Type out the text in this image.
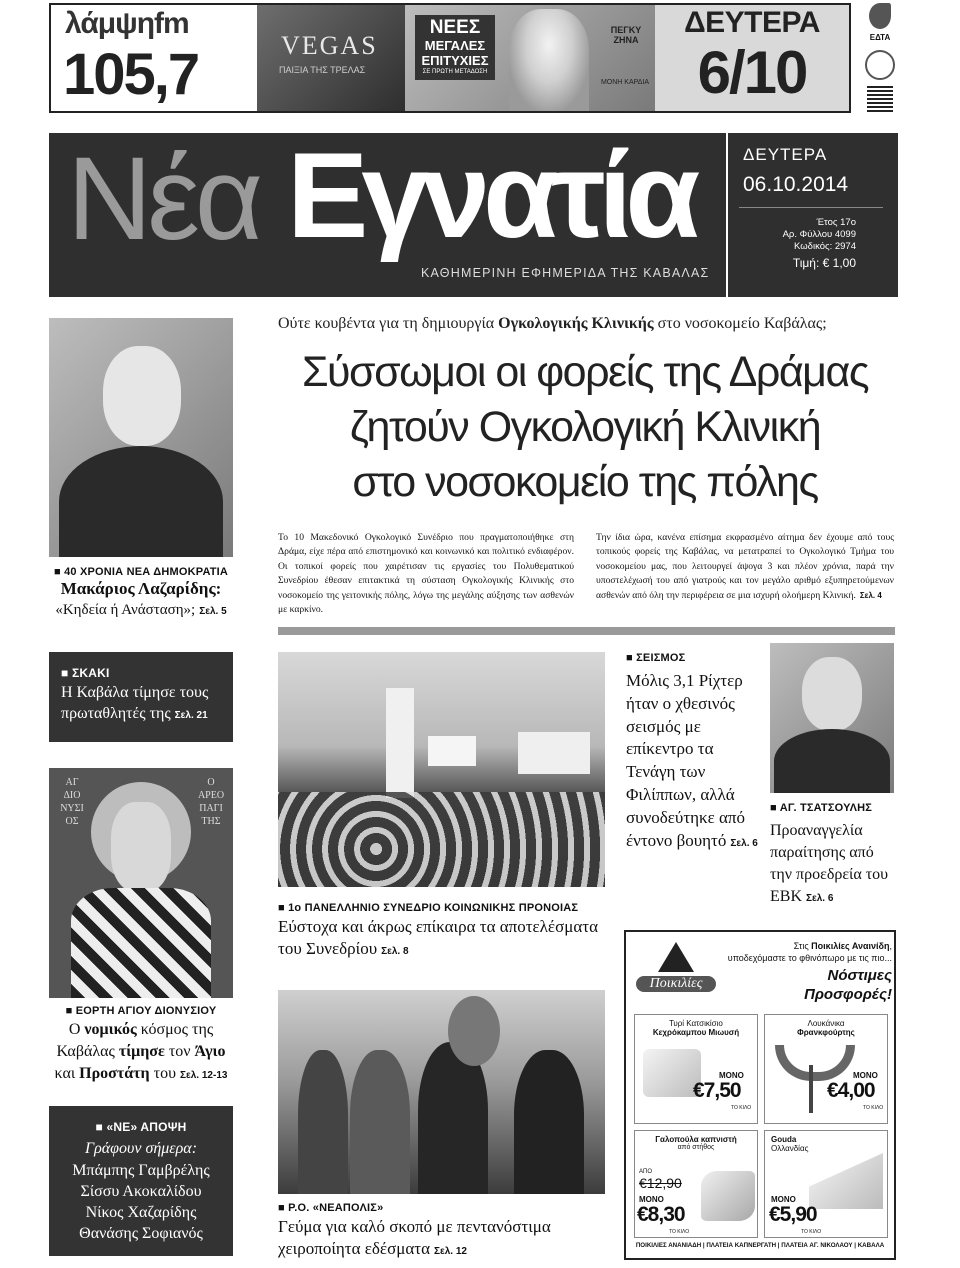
λάμψηfm
105,7	VEGAS
ΠΑΙΞΙΑ ΤΗΣ ΤΡΕΛΑΣ
ΝΕΕΣ
ΜΕΓΑΛΕΣ
ΕΠΙΤΥΧΙΕΣ
ΣΕ ΠΡΩΤΗ ΜΕΤΑΔΟΣΗ
ΠΕΓΚΥ ΖΗΝΑ
ΜΟΝΗ ΚΑΡΔΙΑ
ΔΕΥΤΕΡΑ
6/10
ΕΔΤΑ
Νέα Εγνατία
ΚΑΘΗΜΕΡΙΝΗ ΕΦΗΜΕΡΙΔΑ ΤΗΣ ΚΑΒΑΛΑΣ
ΔΕΥΤΕΡΑ
06.10.2014
Έτος 17ο
Αρ. Φύλλου 4099
Κωδικός: 2974
Τιμή: € 1,00
Ούτε κουβέντα για τη δημιουργία Ογκολογικής Κλινικής στο νοσοκομείο Καβάλας;
Σύσσωμοι οι φορείς της Δράμας
ζητούν Ογκολογική Κλινική
στο νοσοκομείο της πόλης
Το 10 Μακεδονικό Ογκολογικό Συνέδριο που πραγματοποιήθηκε στη Δράμα, είχε πέρα από επιστημονικό και κοινωνικό και πολιτικό ενδιαφέρον. Οι τοπικοί φορείς που χαιρέτισαν τις εργασίες του Πολυθεματικού Συνεδρίου έθεσαν επιτακτικά τη σύσταση Ογκολογικής Κλινικής στο νοσοκομείο της γειτονικής πόλης, λόγω της μεγάλης αύξησης των ασθενών με καρκίνο.
Την ίδια ώρα, κανένα επίσημα εκφρασμένο αίτημα δεν έχουμε από τους τοπικούς φορείς της Καβάλας, να μετατραπεί το Ογκολογικό Τμήμα του νοσοκομείου μας, που λειτουργεί άψογα 3 και πλέον χρόνια, παρά την υποστελέχωσή του από γιατρούς και τον μεγάλο αριθμό εξυπηρετούμενων ασθενών από όλη την περιφέρεια σε μια ισχυρή ολοήμερη Κλινική. Σελ. 4
■ 40 ΧΡΟΝΙΑ ΝΕΑ ΔΗΜΟΚΡΑΤΙΑ
Μακάριος Λαζαρίδης:
«Κηδεία ή Ανάσταση»; Σελ. 5
■ ΣΚΑΚΙ
Η Καβάλα τίμησε τους πρωταθλητές της Σελ. 21
ΑΓ
ΔΙΟ
ΝΥΣΙ
ΟΣ
Ο
ΑΡΕΟ
ΠΑΓΙ
ΤΗΣ
■ ΕΟΡΤΗ ΑΓΙΟΥ ΔΙΟΝΥΣΙΟΥ
Ο νομικός κόσμος της Καβάλας τίμησε τον Άγιο
και Προστάτη του Σελ. 12-13
■ «ΝΕ» ΑΠΟΨΗ
Γράφουν σήμερα:
Μπάμπης Γαμβρέλης
Σίσσυ Ακοκαλίδου
Νίκος Χαζαρίδης
Θανάσης Σοφιανός
■ 1ο ΠΑΝΕΛΛΗΝΙΟ ΣΥΝΕΔΡΙΟ ΚΟΙΝΩΝΙΚΗΣ ΠΡΟΝΟΙΑΣ
Εύστοχα και άκρως επίκαιρα τα αποτελέσματα του Συνεδρίου Σελ. 8
■ Ρ.Ο. «ΝΕΑΠΟΛΙΣ»
Γεύμα για καλό σκοπό με πεντανόστιμα χειροποίητα εδέσματα Σελ. 12
■ ΣΕΙΣΜΟΣ
Μόλις 3,1 Ρίχτερ ήταν ο χθεσινός σεισμός με επίκεντρο τα Τενάγη των Φιλίππων, αλλά συνοδεύτηκε από έντονο βουητό Σελ. 6
■ ΑΓ. ΤΣΑΤΣΟΥΛΗΣ
Προαναγγελία παραίτησης από την προεδρεία του ΕΒΚ Σελ. 6
Ποικιλίες
Στις Ποικιλίες Αναινίδη,
υποδεχόμαστε το φθινόπωρο με τις πιο...
Νόστιμες
Προσφορές!
Τυρί Κατσικίσιο
Κεχρόκαμπου Μιωυσή
ΜΟΝΟ
€7,50
ΤΟ ΚΙΛΟ
Λουκάνικα
Φρανκφούρτης
ΜΟΝΟ
€4,00
ΤΟ ΚΙΛΟ
Γαλοπούλα καπνιστή
από στήθος
ΑΠΟ
€12,90
ΜΟΝΟ
€8,30
ΤΟ ΚΙΛΟ
Gouda
Ολλανδίας
ΜΟΝΟ
€5,90
ΤΟ ΚΙΛΟ
ΠΟΙΚΙΛΙΕΣ ΑΝΑΝΙΑΔΗ | ΠΛΑΤΕΙΑ ΚΑΠΝΕΡΓΑΤΗ | ΠΛΑΤΕΙΑ ΑΓ. ΝΙΚΟΛΑΟΥ | ΚΑΒΑΛΑ
